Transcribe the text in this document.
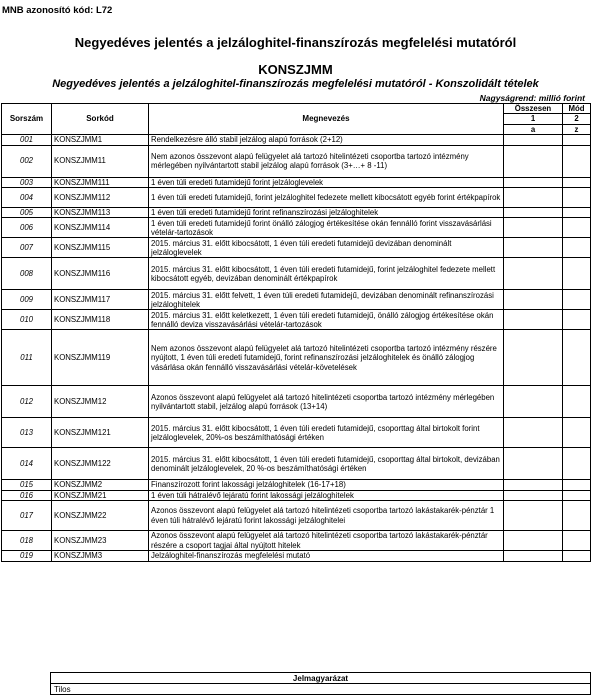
MNB azonosító kód: L72
Negyedéves jelentés a jelzáloghitel-finanszírozás megfelelési mutatóról
KONSZJMM
Negyedéves jelentés a jelzáloghitel-finanszírozás megfelelési mutatóról - Konszolidált tételek
Nagyságrend: millió forint
Sorszám	Sorkód	Megnevezés	Összesen	Mód
			1	2
			a	z
001	KONSZJMM1	Rendelkezésre álló stabil jelzálog alapú források (2+12)		
002	KONSZJMM11	Nem azonos összevont alapú felügyelet alá tartozó hitelintézeti csoportba tartozó intézmény mérlegében nyilvántartott stabil jelzálog alapú források (3+…+ 8 -11)		
003	KONSZJMM111	1 éven túli eredeti futamidejű forint jelzáloglevelek		
004	KONSZJMM112	1 éven túli eredeti futamidejű, forint jelzáloghitel fedezete mellett kibocsátott egyéb forint értékpapírok		
005	KONSZJMM113	1 éven túli eredeti futamidejű forint refinanszírozási jelzáloghitelek		
006	KONSZJMM114	1 éven túli eredeti futamidejű forint önálló zálogjog értékesítése okán fennálló forint visszavásárlási vételár-tartozások		
007	KONSZJMM115	2015. március 31. előtt kibocsátott, 1 éven túli eredeti futamidejű devizában denominált jelzáloglevelek		
008	KONSZJMM116	2015. március 31. előtt kibocsátott, 1 éven túli eredeti futamidejű, forint jelzáloghitel fedezete mellett kibocsátott egyéb, devizában denominált értékpapírok		
009	KONSZJMM117	2015. március 31. előtt felvett, 1 éven túli eredeti futamidejű, devizában denominált refinanszírozási jelzáloghitelek		
010	KONSZJMM118	2015. március 31. előtt keletkezett, 1 éven túli eredeti futamidejű, önálló zálogjog értékesítése okán fennálló deviza visszavásárlási vételár-tartozások		
011	KONSZJMM119	Nem azonos összevont alapú felügyelet alá tartozó hitelintézeti csoportba tartozó intézmény részére nyújtott, 1 éven túli eredeti futamidejű, forint refinanszírozási jelzáloghitelek és önálló zálogjog vásárlása okán fennálló visszavásárlási vételár-követelések		
012	KONSZJMM12	Azonos összevont alapú felügyelet alá tartozó hitelintézeti csoportba tartozó intézmény mérlegében nyilvántartott stabil, jelzálog alapú források (13+14)		
013	KONSZJMM121	2015. március 31. előtt kibocsátott, 1 éven túli eredeti futamidejű, csoporttag által birtokolt forint jelzáloglevelek, 20%-os beszámíthatósági értéken		
014	KONSZJMM122	2015. március 31. előtt kibocsátott, 1 éven túli eredeti futamidejű, csoporttag által birtokolt, devizában denominált jelzáloglevelek, 20 %-os beszámíthatósági értéken		
015	KONSZJMM2	Finanszírozott forint lakossági jelzáloghitelek (16-17+18)		
016	KONSZJMM21	1 éven túli hátralévő lejáratú forint lakossági jelzáloghitelek		
017	KONSZJMM22	Azonos összevont alapú felügyelet alá tartozó hitelintézeti csoportba tartozó lakástakarék-pénztár 1 éven túli hátralévő lejáratú forint lakossági jelzáloghitelei		
018	KONSZJMM23	Azonos összevont alapú felügyelet alá tartozó hitelintézeti csoportba tartozó lakástakarék-pénztár részére a csoport tagjai által nyújtott hitelek		
019	KONSZJMM3	Jelzáloghitel-finanszírozás megfelelési mutató		
Jelmagyarázat
Tilos
